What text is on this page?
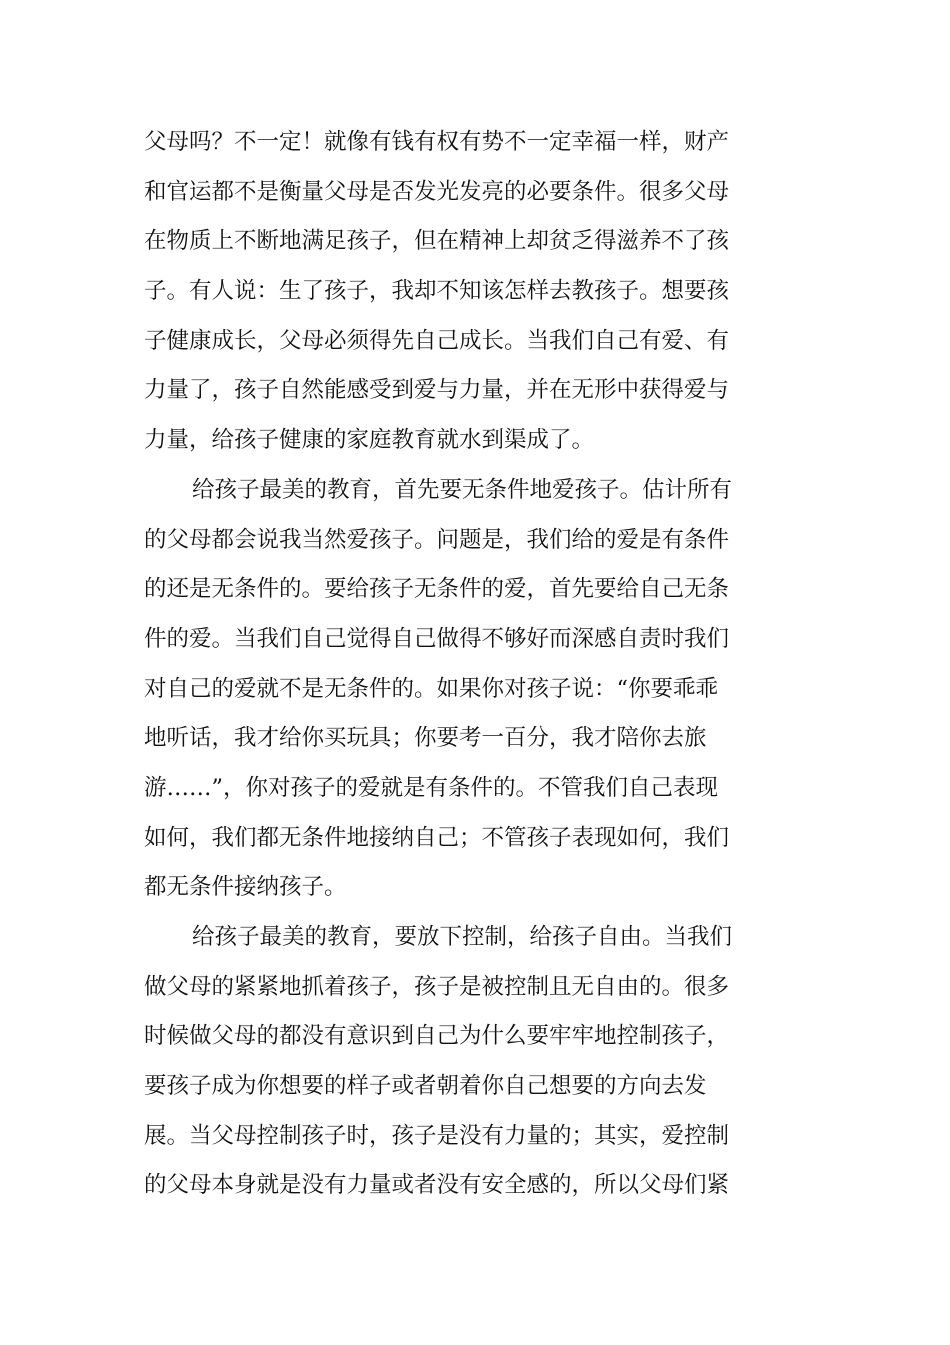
父母吗？不一定！就像有钱有权有势不一定幸福一样，财产
和官运都不是衡量父母是否发光发亮的必要条件。很多父母
在物质上不断地满足孩子，但在精神上却贫乏得滋养不了孩
子。有人说：生了孩子，我却不知该怎样去教孩子。想要孩
子健康成长，父母必须得先自己成长。当我们自己有爱、有
力量了，孩子自然能感受到爱与力量，并在无形中获得爱与
力量，给孩子健康的家庭教育就水到渠成了。
给孩子最美的教育，首先要无条件地爱孩子。估计所有
的父母都会说我当然爱孩子。问题是，我们给的爱是有条件
的还是无条件的。要给孩子无条件的爱，首先要给自己无条
件的爱。当我们自己觉得自己做得不够好而深感自责时我们
对自己的爱就不是无条件的。如果你对孩子说：“你要乖乖
地听话，我才给你买玩具；你要考一百分，我才陪你去旅
游……”，你对孩子的爱就是有条件的。不管我们自己表现
如何，我们都无条件地接纳自己；不管孩子表现如何，我们
都无条件接纳孩子。
给孩子最美的教育，要放下控制，给孩子自由。当我们
做父母的紧紧地抓着孩子，孩子是被控制且无自由的。很多
时候做父母的都没有意识到自己为什么要牢牢地控制孩子，
要孩子成为你想要的样子或者朝着你自己想要的方向去发
展。当父母控制孩子时，孩子是没有力量的；其实，爱控制
的父母本身就是没有力量或者没有安全感的，所以父母们紧
